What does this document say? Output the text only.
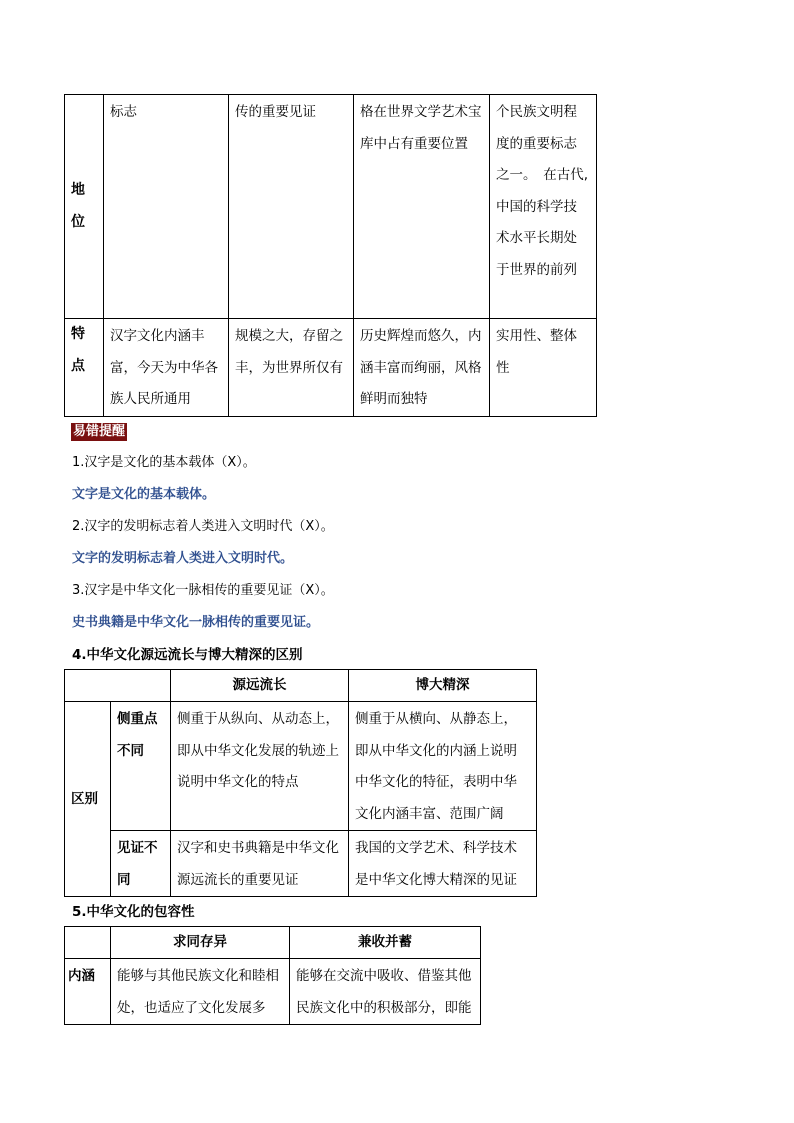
地位	标志	传的重要见证	格在世界文学艺术宝库中占有重要位置	个民族文明程度的重要标志之一。　在古代,中国的科学技术水平长期处于世界的前列

特点	汉字文化内涵丰富，今天为中华各族人民所通用	规模之大，存留之丰，为世界所仅有	历史辉煌而悠久，内涵丰富而绚丽，风格鲜明而独特	实用性、整体性
易错提醒
1.汉字是文化的基本载体（X）。
文字是文化的基本载体。
2.汉字的发明标志着人类进入文明时代（X）。
文字的发明标志着人类进入文明时代。
3.汉字是中华文化一脉相传的重要见证（X）。
史书典籍是中华文化一脉相传的重要见证。
4.中华文化源远流长与博大精深的区别

		源远流长	博大精深

区别	侧重点不同	侧重于从纵向、从动态上，即从中华文化发展的轨迹上说明中华文化的特点	侧重于从横向、从静态上，即从中华文化的内涵上说明中华文化的特征，表明中华文化内涵丰富、范围广阔

	见证不同	汉字和史书典籍是中华文化源远流长的重要见证	我国的文学艺术、科学技术是中华文化博大精深的见证
5.中华文化的包容性

	求同存异	兼收并蓄

内涵	能够与其他民族文化和睦相处，也适应了文化发展多	能够在交流中吸收、借鉴其他民族文化中的积极部分，即能
